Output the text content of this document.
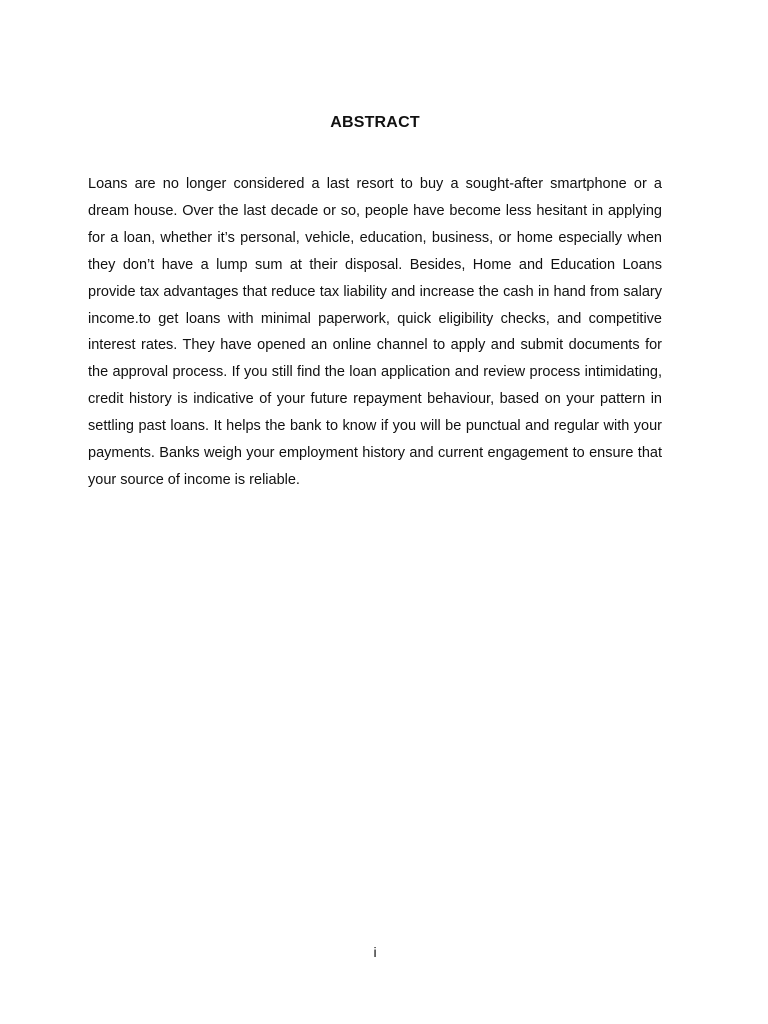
ABSTRACT

Loans are no longer considered a last resort to buy a sought-after smartphone or a dream house. Over the last decade or so, people have become less hesitant in applying for a loan, whether it’s personal, vehicle, education, business, or home especially when they don’t have a lump sum at their disposal. Besides, Home and Education Loans provide tax advantages that reduce tax liability and increase the cash in hand from salary income.to get loans with minimal paperwork, quick eligibility checks, and competitive interest rates. They have opened an online channel to apply and submit documents for the approval process. If you still find the loan application and review process intimidating, credit history is indicative of your future repayment behaviour, based on your pattern in settling past loans. It helps the bank to know if you will be punctual and regular with your payments. Banks weigh your employment history and current engagement to ensure that your source of income is reliable.

i
